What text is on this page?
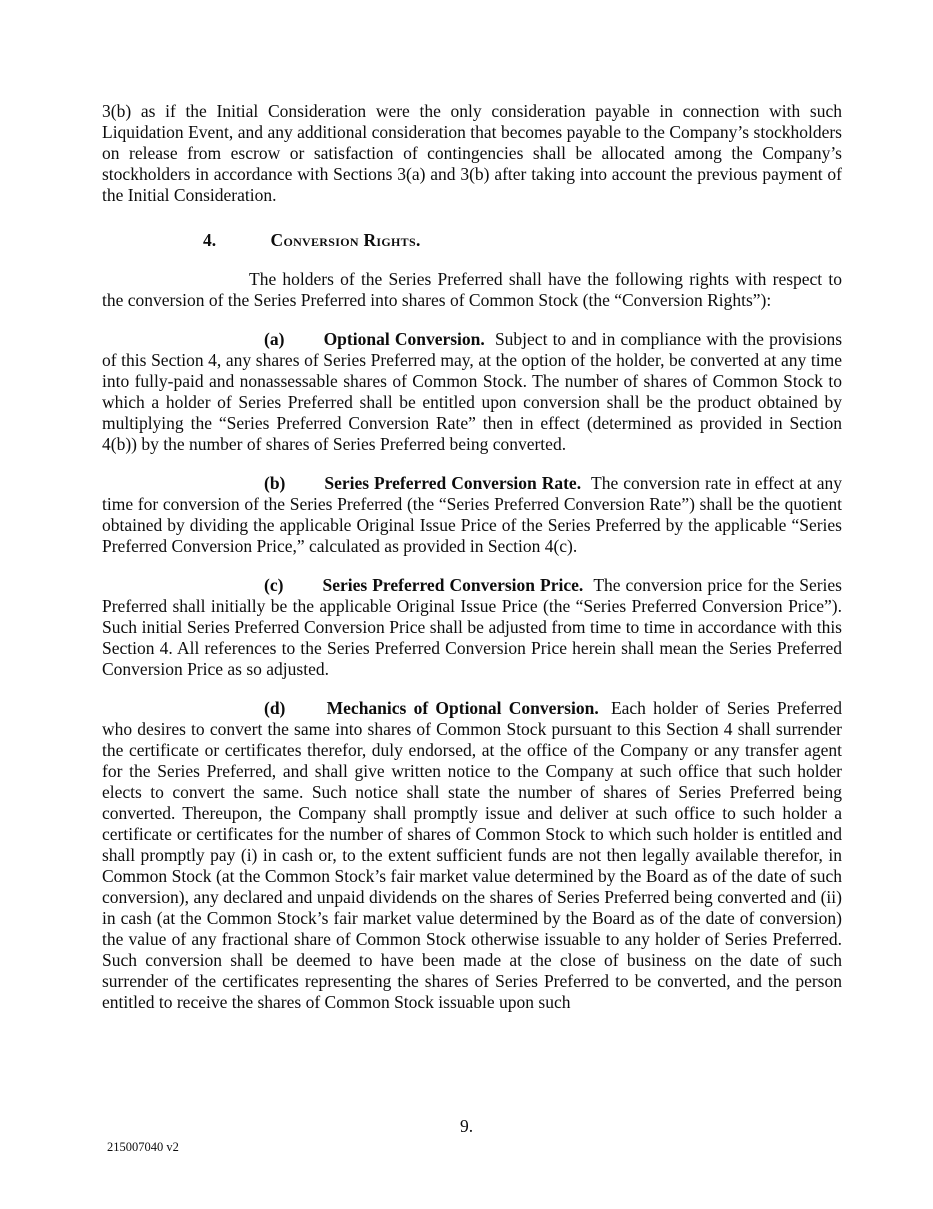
3(b) as if the Initial Consideration were the only consideration payable in connection with such Liquidation Event, and any additional consideration that becomes payable to the Company’s stockholders on release from escrow or satisfaction of contingencies shall be allocated among the Company’s stockholders in accordance with Sections 3(a) and 3(b) after taking into account the previous payment of the Initial Consideration.

4.	Conversion Rights.

The holders of the Series Preferred shall have the following rights with respect to the conversion of the Series Preferred into shares of Common Stock (the “Conversion Rights”):

(a) Optional Conversion. Subject to and in compliance with the provisions of this Section 4, any shares of Series Preferred may, at the option of the holder, be converted at any time into fully-paid and nonassessable shares of Common Stock. The number of shares of Common Stock to which a holder of Series Preferred shall be entitled upon conversion shall be the product obtained by multiplying the “Series Preferred Conversion Rate” then in effect (determined as provided in Section 4(b)) by the number of shares of Series Preferred being converted.

(b) Series Preferred Conversion Rate. The conversion rate in effect at any time for conversion of the Series Preferred (the “Series Preferred Conversion Rate”) shall be the quotient obtained by dividing the applicable Original Issue Price of the Series Preferred by the applicable “Series Preferred Conversion Price,” calculated as provided in Section 4(c).

(c) Series Preferred Conversion Price. The conversion price for the Series Preferred shall initially be the applicable Original Issue Price (the “Series Preferred Conversion Price”). Such initial Series Preferred Conversion Price shall be adjusted from time to time in accordance with this Section 4. All references to the Series Preferred Conversion Price herein shall mean the Series Preferred Conversion Price as so adjusted.

(d) Mechanics of Optional Conversion. Each holder of Series Preferred who desires to convert the same into shares of Common Stock pursuant to this Section 4 shall surrender the certificate or certificates therefor, duly endorsed, at the office of the Company or any transfer agent for the Series Preferred, and shall give written notice to the Company at such office that such holder elects to convert the same. Such notice shall state the number of shares of Series Preferred being converted. Thereupon, the Company shall promptly issue and deliver at such office to such holder a certificate or certificates for the number of shares of Common Stock to which such holder is entitled and shall promptly pay (i) in cash or, to the extent sufficient funds are not then legally available therefor, in Common Stock (at the Common Stock’s fair market value determined by the Board as of the date of such conversion), any declared and unpaid dividends on the shares of Series Preferred being converted and (ii) in cash (at the Common Stock’s fair market value determined by the Board as of the date of conversion) the value of any fractional share of Common Stock otherwise issuable to any holder of Series Preferred. Such conversion shall be deemed to have been made at the close of business on the date of such surrender of the certificates representing the shares of Series Preferred to be converted, and the person entitled to receive the shares of Common Stock issuable upon such

9.
215007040 v2
